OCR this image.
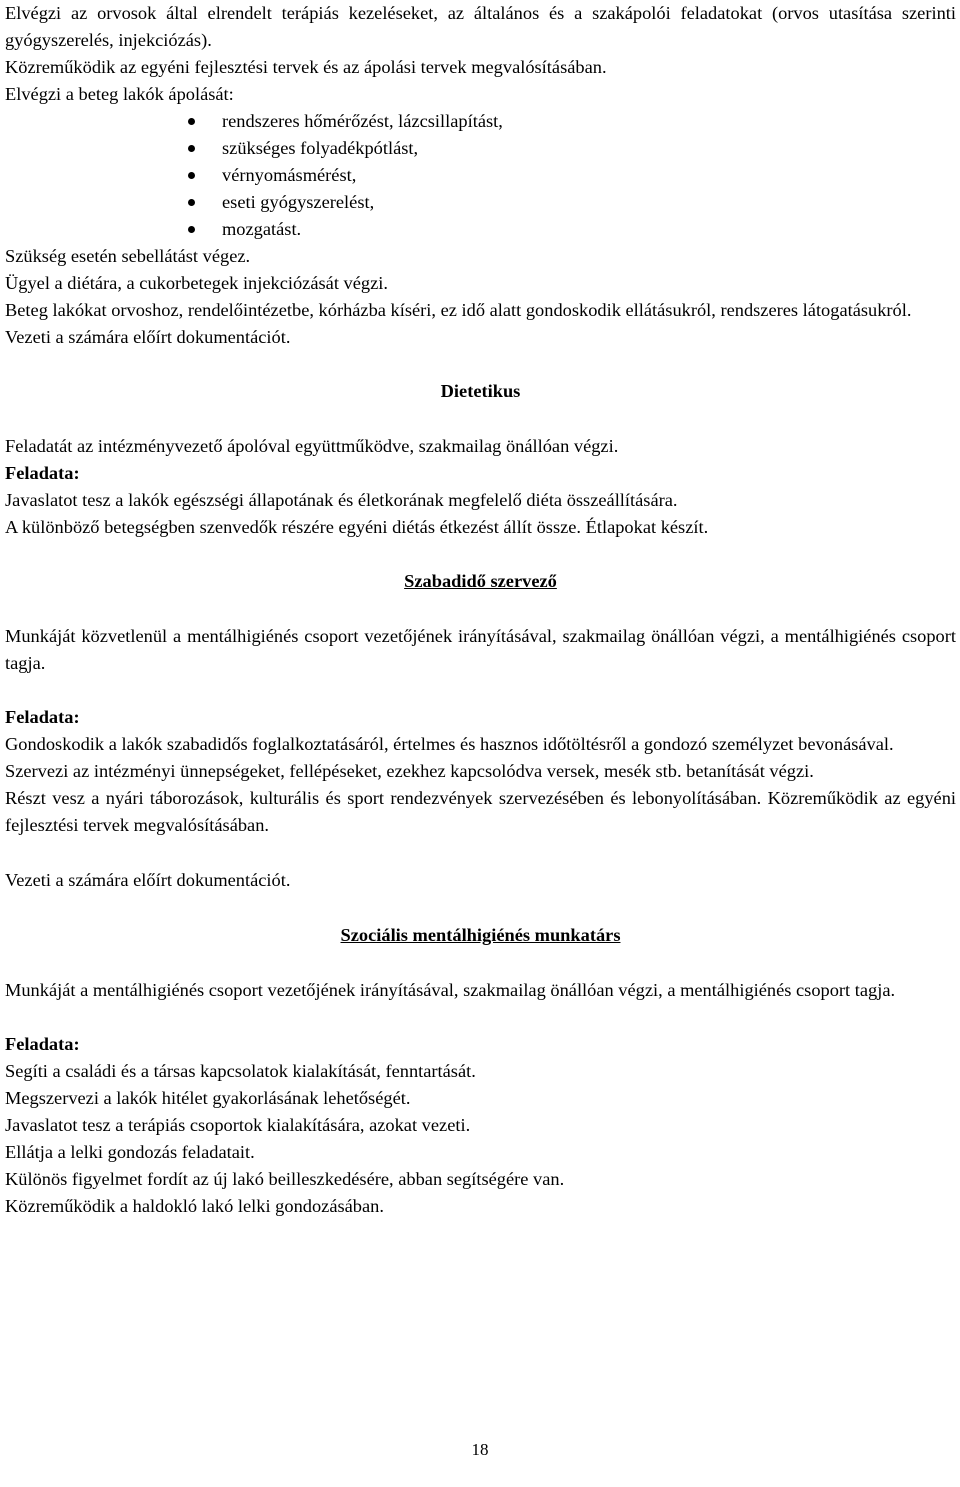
Elvégzi az orvosok által elrendelt terápiás kezeléseket, az általános és a szakápolói feladatokat (orvos utasítása szerinti gyógyszerelés, injekciózás).

Közreműködik az egyéni fejlesztési tervek és az ápolási tervek megvalósításában.

Elvégzi a beteg lakók ápolását:

rendszeres hőmérőzést, lázcsillapítást,
szükséges folyadékpótlást,
vérnyomásmérést,
eseti gyógyszerelést,
mozgatást.

Szükség esetén sebellátást végez.

Ügyel a diétára, a cukorbetegek injekciózását végzi.

Beteg lakókat orvoshoz, rendelőintézetbe, kórházba kíséri, ez idő alatt gondoskodik ellátásukról, rendszeres látogatásukról.

Vezeti a számára előírt dokumentációt.

Dietetikus

Feladatát az intézményvezető ápolóval együttműködve, szakmailag önállóan végzi.

Feladata:

Javaslatot tesz a lakók egészségi állapotának és életkorának megfelelő diéta összeállítására.

A különböző betegségben szenvedők részére egyéni diétás étkezést állít össze. Étlapokat készít.

Szabadidő szervező

Munkáját közvetlenül a mentálhigiénés csoport vezetőjének irányításával, szakmailag önállóan végzi, a mentálhigiénés csoport tagja.

Feladata:

Gondoskodik a lakók szabadidős foglalkoztatásáról, értelmes és hasznos időtöltésről a gondozó személyzet bevonásával.

Szervezi az intézményi ünnepségeket, fellépéseket, ezekhez kapcsolódva versek, mesék stb. betanítását végzi.

Részt vesz a nyári táborozások, kulturális és sport rendezvények szervezésében és lebonyolításában. Közreműködik az egyéni fejlesztési tervek megvalósításában.

Vezeti a számára előírt dokumentációt.

Szociális mentálhigiénés munkatárs

Munkáját a mentálhigiénés csoport vezetőjének irányításával, szakmailag önállóan végzi, a mentálhigiénés csoport tagja.

Feladata:

Segíti a családi és a társas kapcsolatok kialakítását, fenntartását.

Megszervezi a lakók hitélet gyakorlásának lehetőségét.

Javaslatot tesz a terápiás csoportok kialakítására, azokat vezeti.

Ellátja a lelki gondozás feladatait.

Különös figyelmet fordít az új lakó beilleszkedésére, abban segítségére van.

Közreműködik a haldokló lakó lelki gondozásában.

18
